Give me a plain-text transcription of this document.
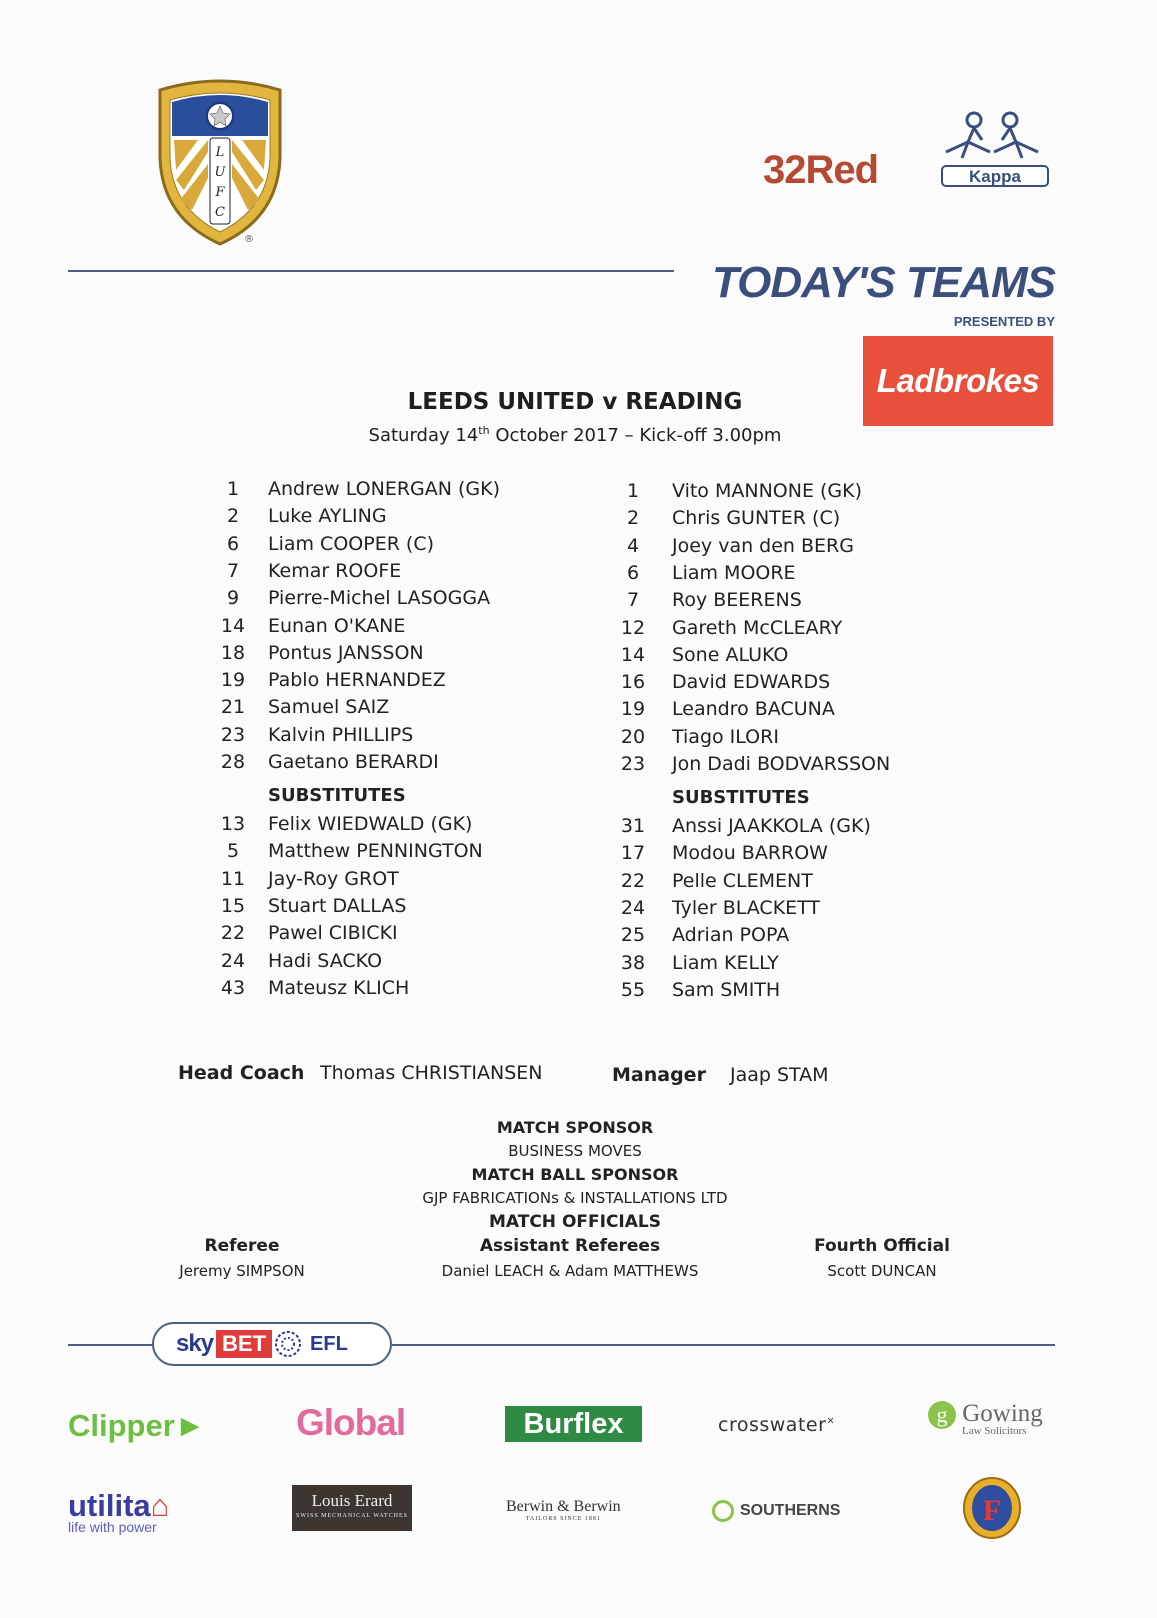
L
U
F
C
®
32Red	Kappa
TODAY'S TEAMS
PRESENTED BY
Ladbrokes
LEEDS UNITED v READING
Saturday 14th October 2017 – Kick-off 3.00pm
1	Andrew LONERGAN (GK)
2	Luke AYLING
6	Liam COOPER (C)
7	Kemar ROOFE
9	Pierre-Michel LASOGGA
14	Eunan O'KANE
18	Pontus JANSSON
19	Pablo HERNANDEZ
21	Samuel SAIZ
23	Kalvin PHILLIPS
28	Gaetano BERARDI
SUBSTITUTES
13	Felix WIEDWALD (GK)
5	Matthew PENNINGTON
11	Jay-Roy GROT
15	Stuart DALLAS
22	Pawel CIBICKI
24	Hadi SACKO
43	Mateusz KLICH
1	Vito MANNONE (GK)
2	Chris GUNTER (C)
4	Joey van den BERG
6	Liam MOORE
7	Roy BEERENS
12	Gareth McCLEARY
14	Sone ALUKO
16	David EDWARDS
19	Leandro BACUNA
20	Tiago ILORI
23	Jon Dadi BODVARSSON
SUBSTITUTES
31	Anssi JAAKKOLA (GK)
17	Modou BARROW
22	Pelle CLEMENT
24	Tyler BLACKETT
25	Adrian POPA
38	Liam KELLY
55	Sam SMITH
Head Coach Thomas CHRISTIANSEN	Manager Jaap STAM
MATCH SPONSOR
BUSINESS MOVES
MATCH BALL SPONSOR
GJP FABRICATIONs & INSTALLATIONS LTD
MATCH OFFICIALS
Referee
Jeremy SIMPSON
Assistant Referees
Daniel LEACH & Adam MATTHEWS
Fourth Official
Scott DUNCAN
sky BET	EFL
Clipper► Global	Burflex	crosswater×	g Gowing
Law Solicitors
utilita⌂
life with power
Louis Erard
SWISS MECHANICAL WATCHES
Berwin & Berwin
TAILORS SINCE 1881	SOUTHERNS	F
